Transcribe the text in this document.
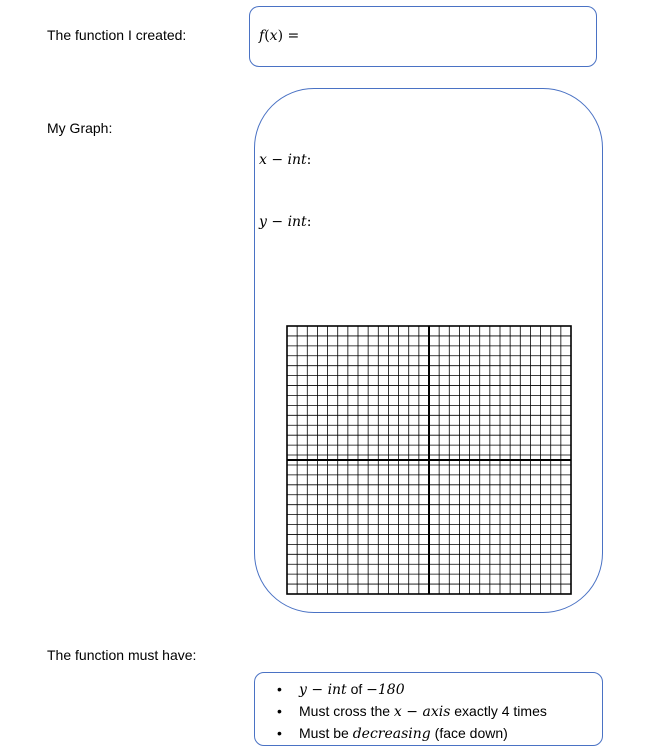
The function I created:
My Graph:
The function must have:
f(x) =
x − int:
y − int:
• y − int of −180
• Must cross the x − axis exactly 4 times
• Must be decreasing (face down)
